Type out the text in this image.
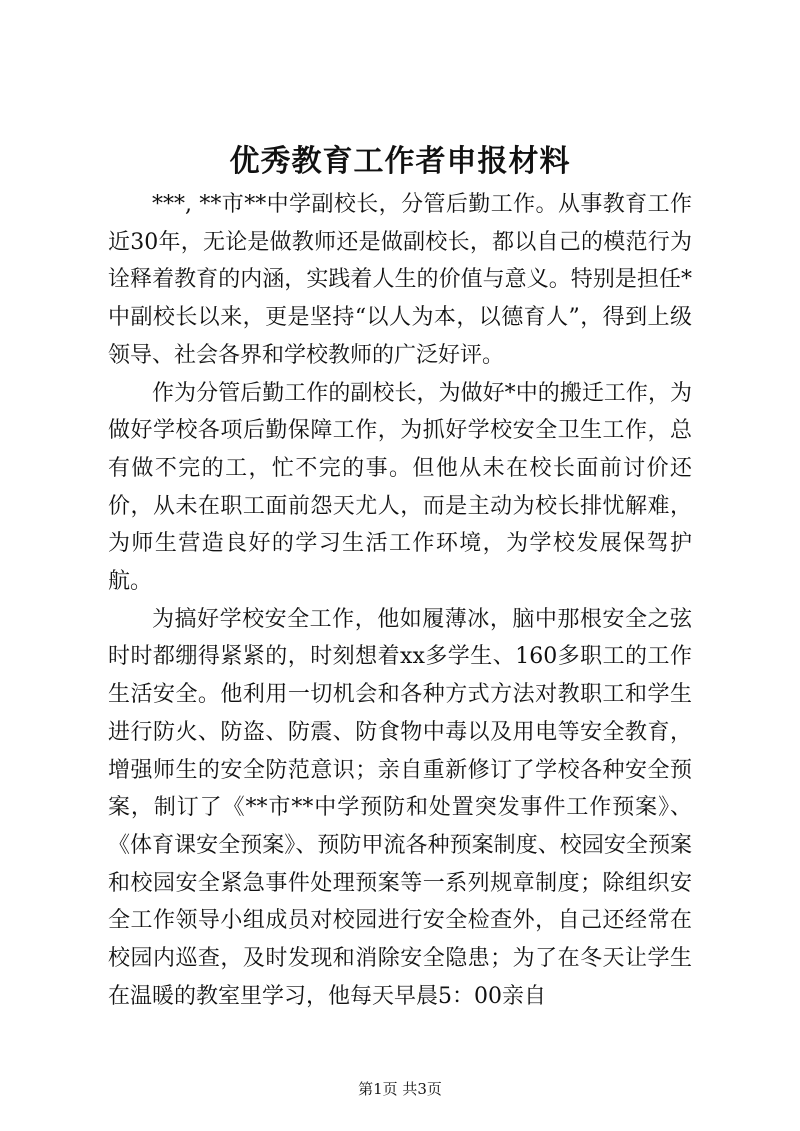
优秀教育工作者申报材料

***, **市**中学副校长，分管后勤工作。从事教育工作近30年，无论是做教师还是做副校长，都以自己的模范行为诠释着教育的内涵，实践着人生的价值与意义。特别是担任*中副校长以来，更是坚持“以人为本，以德育人”，得到上级领导、社会各界和学校教师的广泛好评。

作为分管后勤工作的副校长，为做好*中的搬迁工作，为做好学校各项后勤保障工作，为抓好学校安全卫生工作，总有做不完的工，忙不完的事。但他从未在校长面前讨价还价，从未在职工面前怨天尤人，而是主动为校长排忧解难，为师生营造良好的学习生活工作环境，为学校发展保驾护航。

为搞好学校安全工作，他如履薄冰，脑中那根安全之弦时时都绷得紧紧的，时刻想着xx多学生、160多职工的工作生活安全。他利用一切机会和各种方式方法对教职工和学生进行防火、防盗、防震、防食物中毒以及用电等安全教育，增强师生的安全防范意识；亲自重新修订了学校各种安全预案，制订了《**市**中学预防和处置突发事件工作预案》、《体育课安全预案》、预防甲流各种预案制度、校园安全预案和校园安全紧急事件处理预案等一系列规章制度；除组织安全工作领导小组成员对校园进行安全检查外，自己还经常在校园内巡查，及时发现和消除安全隐患；为了在冬天让学生在温暖的教室里学习，他每天早晨5：00亲自

第1页 共3页
